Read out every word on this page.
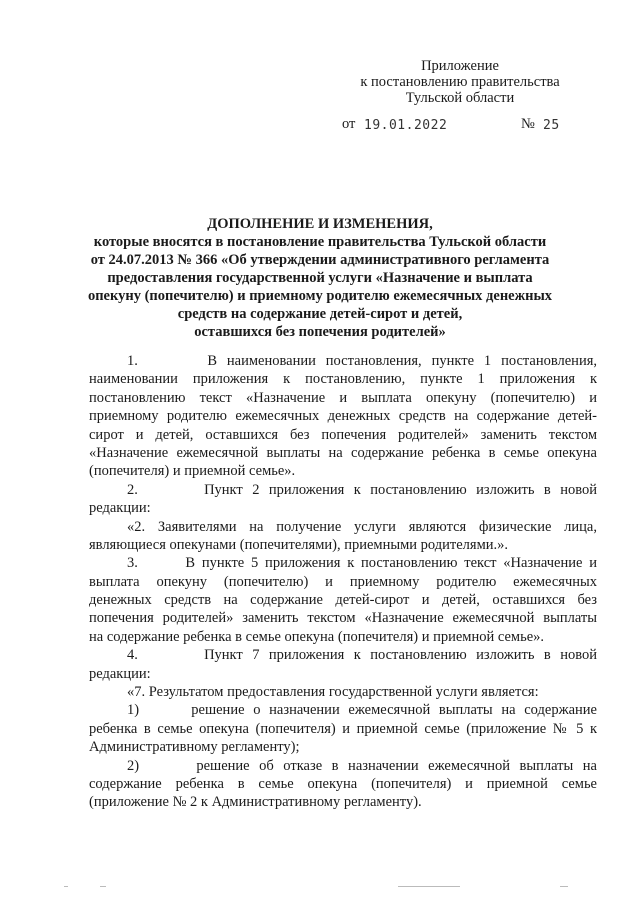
Приложение
к постановлению правительства
Тульской области
от 19.01.2022	№ 25
ДОПОЛНЕНИЕ И ИЗМЕНЕНИЯ,
которые вносятся в постановление правительства Тульской области
от 24.07.2013 № 366 «Об утверждении административного регламента
предоставления государственной услуги «Назначение и выплата
опекуну (попечителю) и приемному родителю ежемесячных денежных
средств на содержание детей-сирот и детей,
оставшихся без попечения родителей»
1.       В наименовании постановления, пункте 1 постановления,
наименовании приложения к постановлению, пункте 1 приложения к
постановлению текст «Назначение и выплата опекуну (попечителю) и
приемному родителю ежемесячных денежных средств на содержание детей-
сирот и детей, оставшихся без попечения родителей» заменить текстом
«Назначение ежемесячной выплаты на содержание ребенка в семье опекуна
(попечителя) и приемной семье».
2.       Пункт 2 приложения к постановлению изложить в новой
редакции:
«2. Заявителями на получение услуги являются физические лица,
являющиеся опекунами (попечителями), приемными родителями.».
3.       В пункте 5 приложения к постановлению текст «Назначение и
выплата опекуну (попечителю) и приемному родителю ежемесячных
денежных средств на содержание детей-сирот и детей, оставшихся без
попечения родителей» заменить текстом «Назначение ежемесячной выплаты
на содержание ребенка в семье опекуна (попечителя) и приемной семье».
4.       Пункт 7 приложения к постановлению изложить в новой
редакции:
«7. Результатом предоставления государственной услуги является:
1)      решение о назначении ежемесячной выплаты на содержание
ребенка в семье опекуна (попечителя) и приемной семье (приложение № 5 к
Административному регламенту);
2)      решение об отказе в назначении ежемесячной выплаты на
содержание ребенка в семье опекуна (попечителя) и приемной семье
(приложение № 2 к Административному регламенту).
